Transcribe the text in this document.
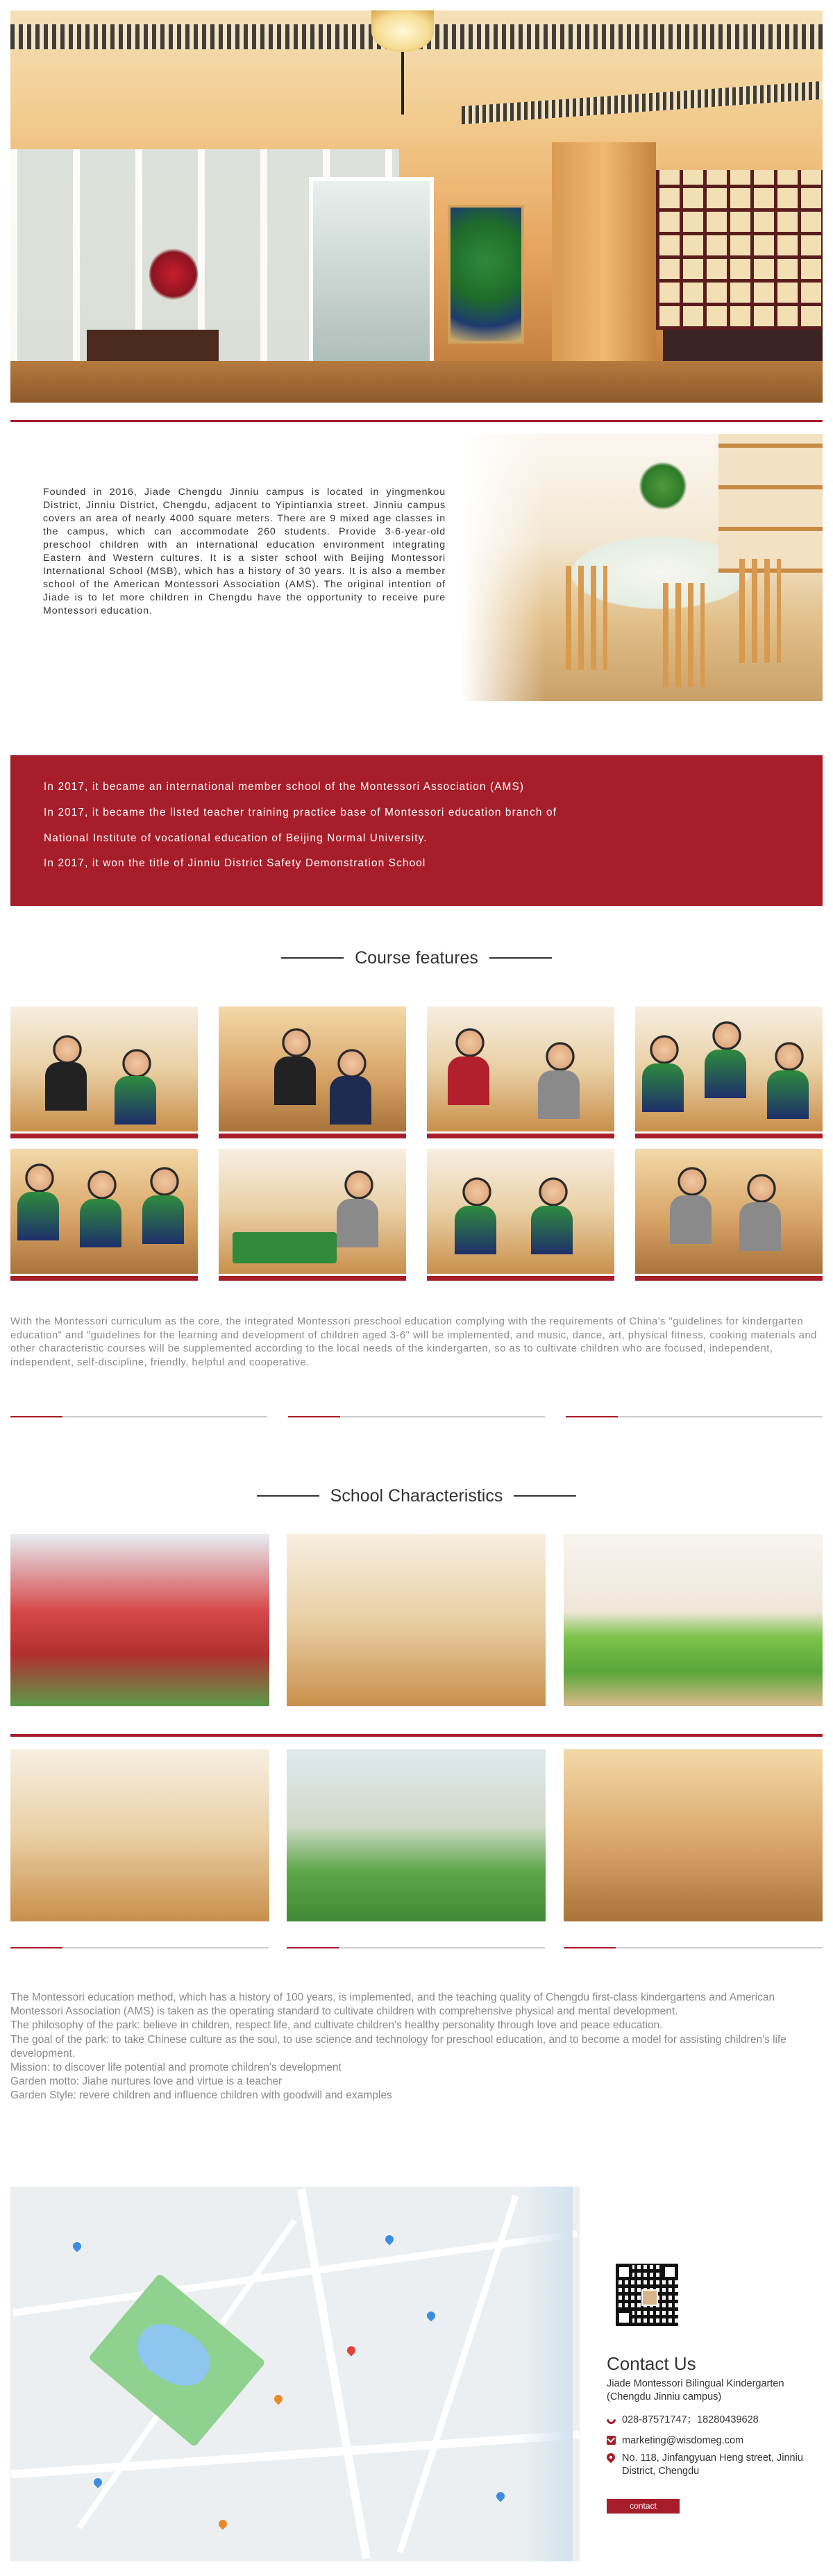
Founded in 2016, Jiade Chengdu Jinniu campus is located in yingmenkou District, Jinniu District, Chengdu, adjacent to Yipintianxia street. Jinniu campus covers an area of nearly 4000 square meters. There are 9 mixed age classes in the campus, which can accommodate 260 students. Provide 3-6-year-old preschool children with an international education environment integrating Eastern and Western cultures. It is a sister school with Beijing Montessori International School (MSB), which has a history of 30 years. It is also a member school of the American Montessori Association (AMS). The original intention of Jiade is to let more children in Chengdu have the opportunity to receive pure Montessori education.

In 2017, it became an international member school of the Montessori Association (AMS)

In 2017, it became the listed teacher training practice base of Montessori education branch of

National Institute of vocational education of Beijing Normal University.

In 2017, it won the title of Jinniu District Safety Demonstration School

Course features

With the Montessori curriculum as the core, the integrated Montessori preschool education complying with the requirements of China's "guidelines for kindergarten education" and "guidelines for the learning and development of children aged 3-6" will be implemented, and music, dance, art, physical fitness, cooking materials and other characteristic courses will be supplemented according to the local needs of the kindergarten, so as to cultivate children who are focused, independent, independent, self-discipline, friendly, helpful and cooperative.

School Characteristics

The Montessori education method, which has a history of 100 years, is implemented, and the teaching quality of Chengdu first-class kindergartens and American Montessori Association (AMS) is taken as the operating standard to cultivate children with comprehensive physical and mental development.

The philosophy of the park: believe in children, respect life, and cultivate children's healthy personality through love and peace education.

The goal of the park: to take Chinese culture as the soul, to use science and technology for preschool education, and to become a model for assisting children's life development.

Mission: to discover life potential and promote children's development

Garden motto: Jiahe nurtures love and virtue is a teacher

Garden Style: revere children and influence children with goodwill and examples

Contact Us
Jiade Montessori Bilingual Kindergarten (Chengdu Jinniu campus)
028-87571747；18280439628
marketing@wisdomeg.com
No. 118, Jinfangyuan Heng street, Jinniu District, Chengdu
contact
